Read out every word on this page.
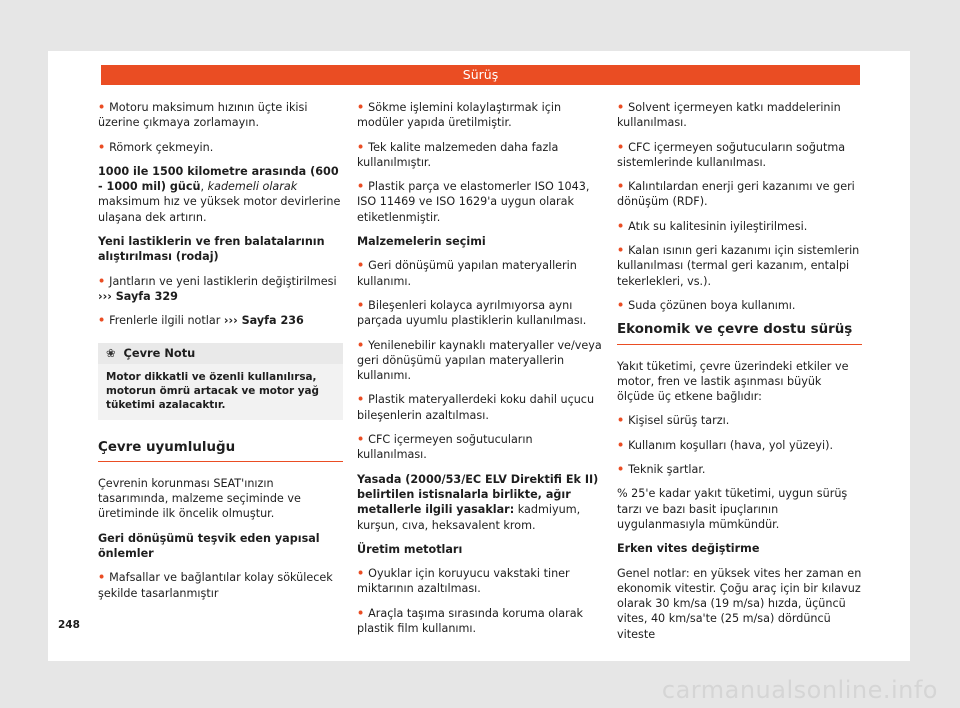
Sürüş

• Motoru maksimum hızının üçte ikisi üzerine çıkmaya zorlamayın.

• Römork çekmeyin.

1000 ile 1500 kilometre arasında (600 - 1000 mil) gücü, kademeli olarak maksimum hız ve yüksek motor devirlerine ulaşana dek artırın.

Yeni lastiklerin ve fren balatalarının alıştırılması (rodaj)

• Jantların ve yeni lastiklerin değiştirilmesi ››› Sayfa 329

• Frenlerle ilgili notlar ››› Sayfa 236

❀ Çevre Notu
Motor dikkatli ve özenli kullanılırsa, motorun ömrü artacak ve motor yağ tüketimi azalacaktır.
Çevre uyumluluğu

Çevrenin korunması SEAT'ınızın tasarımında, malzeme seçiminde ve üretiminde ilk öncelik olmuştur.

Geri dönüşümü teşvik eden yapısal önlemler

• Mafsallar ve bağlantılar kolay sökülecek şekilde tasarlanmıştır

• Sökme işlemini kolaylaştırmak için modüler yapıda üretilmiştir.

• Tek kalite malzemeden daha fazla kullanılmıştır.

• Plastik parça ve elastomerler ISO 1043, ISO 11469 ve ISO 1629'a uygun olarak etiketlenmiştir.

Malzemelerin seçimi

• Geri dönüşümü yapılan materyallerin kullanımı.

• Bileşenleri kolayca ayrılmıyorsa aynı parçada uyumlu plastiklerin kullanılması.

• Yenilenebilir kaynaklı materyaller ve/veya geri dönüşümü yapılan materyallerin kullanımı.

• Plastik materyallerdeki koku dahil uçucu bileşenlerin azaltılması.

• CFC içermeyen soğutucuların kullanılması.

Yasada (2000/53/EC ELV Direktifi Ek II) belirtilen istisnalarla birlikte, ağır metallerle ilgili yasaklar: kadmiyum, kurşun, cıva, heksavalent krom.

Üretim metotları

• Oyuklar için koruyucu vakstaki tiner miktarının azaltılması.

• Araçla taşıma sırasında koruma olarak plastik film kullanımı.

• Solvent içermeyen katkı maddelerinin kullanılması.

• CFC içermeyen soğutucuların soğutma sistemlerinde kullanılması.

• Kalıntılardan enerji geri kazanımı ve geri dönüşüm (RDF).

• Atık su kalitesinin iyileştirilmesi.

• Kalan ısının geri kazanımı için sistemlerin kullanılması (termal geri kazanım, entalpi tekerlekleri, vs.).

• Suda çözünen boya kullanımı.

Ekonomik ve çevre dostu sürüş

Yakıt tüketimi, çevre üzerindeki etkiler ve motor, fren ve lastik aşınması büyük ölçüde üç etkene bağlıdır:

• Kişisel sürüş tarzı.

• Kullanım koşulları (hava, yol yüzeyi).

• Teknik şartlar.

% 25'e kadar yakıt tüketimi, uygun sürüş tarzı ve bazı basit ipuçlarının uygulanmasıyla mümkündür.

Erken vites değiştirme

Genel notlar: en yüksek vites her zaman en ekonomik vitestir. Çoğu araç için bir kılavuz olarak 30 km/sa (19 m/sa) hızda, üçüncü vites, 40 km/sa'te (25 m/sa) dördüncü viteste

248
carmanualsonline.info
